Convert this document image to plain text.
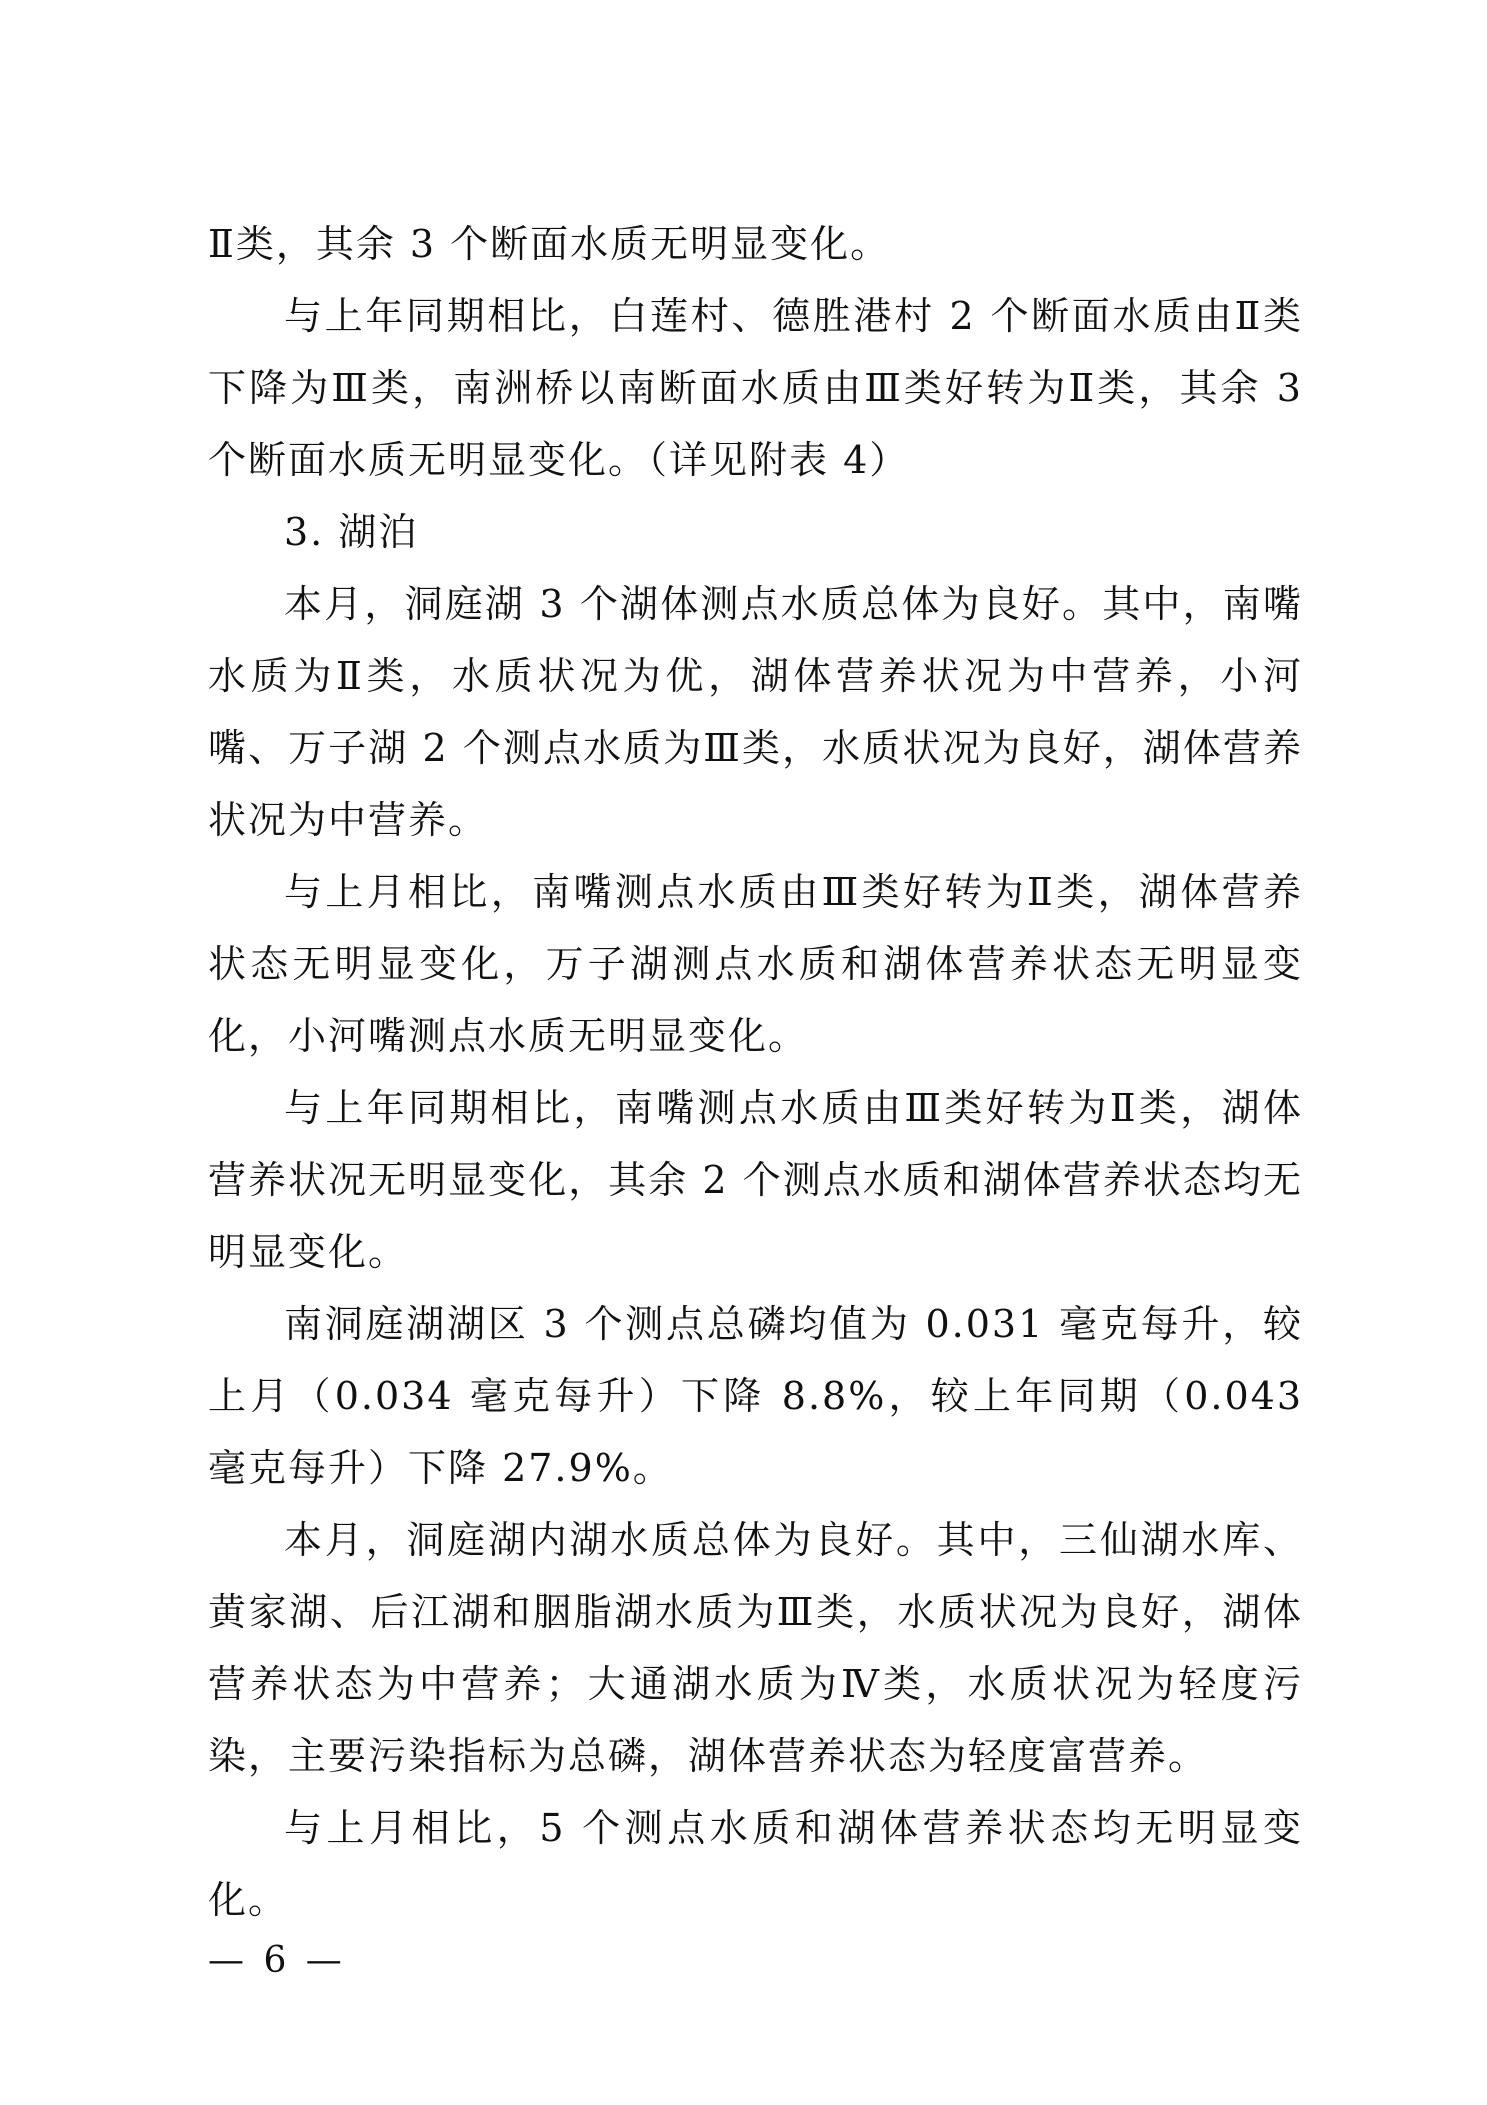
Ⅱ类，其余 3 个断面水质无明显变化。

与上年同期相比，白莲村、德胜港村 2 个断面水质由Ⅱ类下降为Ⅲ类，南洲桥以南断面水质由Ⅲ类好转为Ⅱ类，其余 3 个断面水质无明显变化。（详见附表 4）

3. 湖泊

本月，洞庭湖 3 个湖体测点水质总体为良好。其中，南嘴水质为Ⅱ类，水质状况为优，湖体营养状况为中营养，小河嘴、万子湖 2 个测点水质为Ⅲ类，水质状况为良好，湖体营养状况为中营养。

与上月相比，南嘴测点水质由Ⅲ类好转为Ⅱ类，湖体营养状态无明显变化，万子湖测点水质和湖体营养状态无明显变化，小河嘴测点水质无明显变化。

与上年同期相比，南嘴测点水质由Ⅲ类好转为Ⅱ类，湖体营养状况无明显变化，其余 2 个测点水质和湖体营养状态均无明显变化。

南洞庭湖湖区 3 个测点总磷均值为 0.031 毫克每升，较上月（0.034 毫克每升）下降 8.8%，较上年同期（0.043 毫克每升）下降 27.9%。

本月，洞庭湖内湖水质总体为良好。其中，三仙湖水库、黄家湖、后江湖和胭脂湖水质为Ⅲ类，水质状况为良好，湖体营养状态为中营养；大通湖水质为Ⅳ类，水质状况为轻度污染，主要污染指标为总磷，湖体营养状态为轻度富营养。

与上月相比，5 个测点水质和湖体营养状态均无明显变化。

— 6 —
